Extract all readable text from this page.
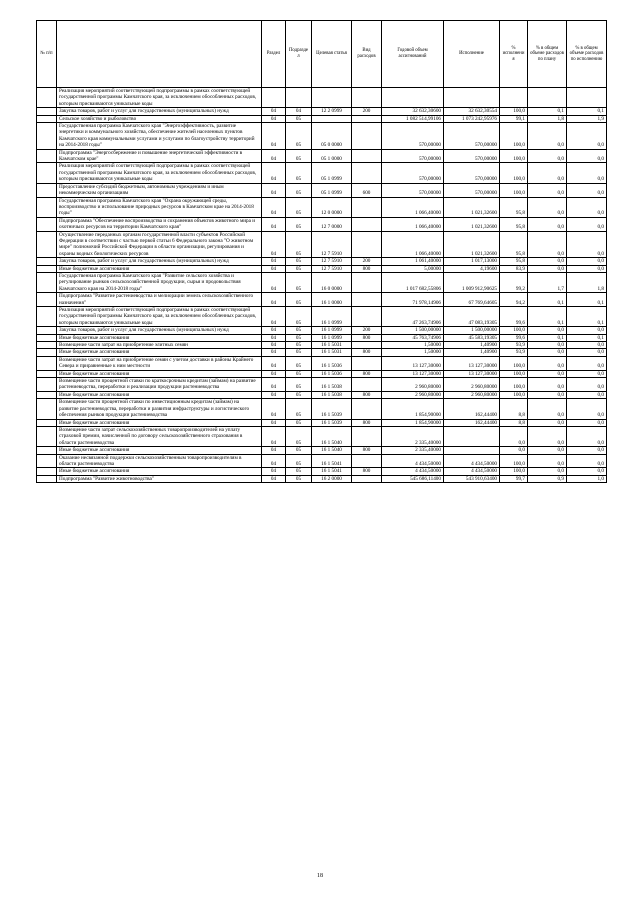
№ п/п		Раздел	Подраздел	Целевая статья	Вид расходов	Годовой объем ассигнований	Исполнение	% исполнения	% в общем объеме расходов по плану	% в общем объеме расходов по исполнению
	Реализация мероприятий соответствующей подпрограммы в рамках соответствующей государственной программы Камчатского края, за исключением обособленных расходов, которым присваиваются уникальные коды									
	Закупка товаров, работ и услуг для государственных (муниципальных) нужд	04	04	12 2 0999	200	32 632,30600	32 632,30554	100,0	0,1	0,1
	Сельское хозяйство и рыболовство	04	05			1 082 514,99106	1 073 242,95976	99,1	1,8	1,9
	Государственная программа Камчатского края "Энергоэффективность, развитие энергетики и коммунального хозяйства, обеспечение жителей населенных пунктов Камчатского края коммунальными услугами и услугами по благоустройству территорий на 2014-2018 годы"	04	05	05 0 0000		570,00000	570,00000	100,0	0,0	0,0
	Подпрограмма "Энергосбережение и повышение энергетической эффективности в Камчатском крае"	04	05	05 1 0000		570,00000	570,00000	100,0	0,0	0,0
	Реализация мероприятий соответствующей подпрограммы в рамках соответствующей государственной программы Камчатского края, за исключением обособленных расходов, которым присваиваются уникальные коды	04	05	05 1 0999		570,00000	570,00000	100,0	0,0	0,0
	Предоставление субсидий бюджетным, автономным учреждениям и иным некоммерческим организациям	04	05	05 1 0999	600	570,00000	570,00000	100,0	0,0	0,0
	Государственная программа Камчатского края "Охрана окружающей среды, воспроизводство и использование природных ресурсов в Камчатском крае на 2014-2018 годы"	04	05	12 0 0000		1 066,40000	1 021,32600	95,8	0,0	0,0
	Подпрограмма "Обеспечение воспроизводства и сохранения объектов животного мира и охотничьих ресурсов на территории Камчатского края"	04	05	12 7 0000		1 066,40000	1 021,32600	95,8	0,0	0,0
	Осуществление переданных органам государственной власти субъектов Российской Федерации в соответствии с частью первой статьи 6 Федерального закона "О животном мире" полномочий Российской Федерации в области организации, регулирования и охраны водных биологических ресурсов	04	05	12 7 5910		1 066,40000	1 021,32600	95,8	0,0	0,0
	Закупка товаров, работ и услуг для государственных (муниципальных) нужд	04	05	12 7 5910	200	1 061,40000	1 017,13000	95,8	0,0	0,0
	Иные бюджетные ассигнования	04	05	12 7 5910	800	5,00000	4,19600	83,9	0,0	0,0
	Государственная программа Камчатского края "Развитие сельского хозяйства и регулирование рынков сельскохозяйственной продукции, сырья и продовольствия Камчатского края на 2014-2018 годы"	04	05	16 0 0000		1 017 682,55806	1 009 912,90625	99,2	1,7	1,8
	Подпрограмма "Развитие растениеводства и мелиорации земель сельскохозяйственного назначения"	04	05	16 1 0000		71 978,14906	67 769,64605	94,2	0,1	0,1
	Реализация мероприятий соответствующей подпрограммы в рамках соответствующей государственной программы Камчатского края, за исключением обособленных расходов, которым присваиваются уникальные коды	04	05	16 1 0999		47 263,74906	47 083,19305	99,6	0,1	0,1
	Закупка товаров, работ и услуг для государственных (муниципальных) нужд	04	05	16 1 0999	200	1 500,00000	1 500,00000	100,0	0,0	0,0
	Иные бюджетные ассигнования	04	05	16 1 0999	800	45 763,74906	45 583,19305	99,6	0,1	0,1
	Возмещение части затрат на приобретение элитных семян	04	05	16 1 5031		1,50000	1,40900	93,9	0,0	0,0
	Иные бюджетные ассигнования	04	05	16 1 5031	800	1,50000	1,40900	93,9	0,0	0,0
	Возмещение части затрат на приобретение семян с учетом доставки в районы Крайнего Севера и приравненные к ним местности	04	05	16 1 5036		13 127,30000	13 127,30000	100,0	0,0	0,0
	Иные бюджетные ассигнования	04	05	16 1 5036	800	13 127,30000	13 127,30000	100,0	0,0	0,0
	Возмещение части процентной ставки по краткосрочным кредитам (займам) на развитие растениеводства, переработки и реализации продукции растениеводства	04	05	16 1 5038		2 960,80000	2 960,80000	100,0	0,0	0,0
	Иные бюджетные ассигнования	04	05	16 1 5038	800	2 960,80000	2 960,80000	100,0	0,0	0,0
	Возмещение части процентной ставки по инвестиционным кредитам (займам) на развитие растениеводства, переработки и развития инфраструктуры и логистического обеспечения рынков продукции растениеводства	04	05	16 1 5039		1 854,90000	162,44400	8,8	0,0	0,0
	Иные бюджетные ассигнования	04	05	16 1 5039	800	1 854,90000	162,44400	8,8	0,0	0,0
	Возмещение части затрат сельскохозяйственных товаропроизводителей на уплату страховой премии, начисленной по договору сельскохозяйственного страхования в области растениеводства	04	05	16 1 5040		2 335,40000		0,0	0,0	0,0
	Иные бюджетные ассигнования	04	05	16 1 5040	800	2 335,40000		0,0	0,0	0,0
	Оказание несвязанной поддержки сельскохозяйственным товаропроизводителям в области растениеводства	04	05	16 1 5041		4 434,50000	4 434,50000	100,0	0,0	0,0
	Иные бюджетные ассигнования	04	05	16 1 5041	800	4 434,50000	4 434,50000	100,0	0,0	0,0
	Подпрограмма "Развитие животноводства"	04	05	16 2 0000		545 686,11400	543 910,63400	99,7	0,9	1,0
18
